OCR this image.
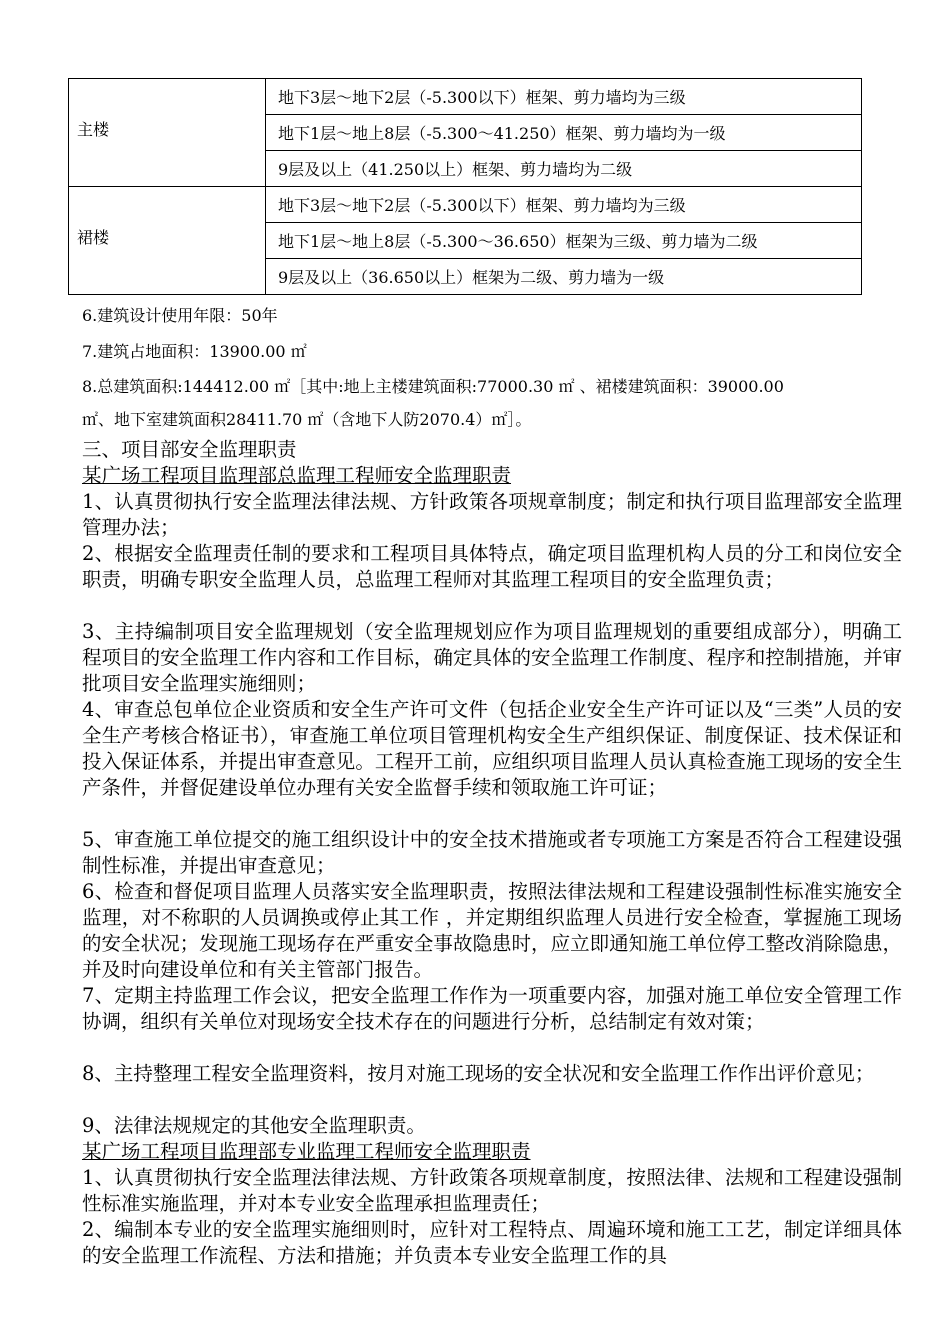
主楼	地下3层～地下2层（-5.300以下）框架、剪力墙均为三级
	地下1层～地上8层（-5.300～41.250）框架、剪力墙均为一级
	9层及以上（41.250以上）框架、剪力墙均为二级
裙楼	地下3层～地下2层（-5.300以下）框架、剪力墙均为三级
	地下1层～地上8层（-5.300～36.650）框架为三级、剪力墙为二级
	9层及以上（36.650以上）框架为二级、剪力墙为一级
6.建筑设计使用年限：50年
7.建筑占地面积：13900.00 ㎡
8.总建筑面积:144412.00 ㎡［其中:地上主楼建筑面积:77000.30 ㎡ 、裙楼建筑面积：39000.00
㎡、地下室建筑面积28411.70 ㎡（含地下人防2070.4）㎡］。
三、项目部安全监理职责
某广场工程项目监理部总监理工程师安全监理职责
1、认真贯彻执行安全监理法律法规、方针政策各项规章制度；制定和执行项目监理部安全监理管理办法；
2、根据安全监理责任制的要求和工程项目具体特点，确定项目监理机构人员的分工和岗位安全职责，明确专职安全监理人员，总监理工程师对其监理工程项目的安全监理负责；
3、主持编制项目安全监理规划（安全监理规划应作为项目监理规划的重要组成部分），明确工程项目的安全监理工作内容和工作目标，确定具体的安全监理工作制度、程序和控制措施，并审批项目安全监理实施细则；
4、审查总包单位企业资质和安全生产许可文件（包括企业安全生产许可证以及“三类”人员的安全生产考核合格证书），审查施工单位项目管理机构安全生产组织保证、制度保证、技术保证和投入保证体系，并提出审查意见。工程开工前，应组织项目监理人员认真检查施工现场的安全生产条件，并督促建设单位办理有关安全监督手续和领取施工许可证；
5、审查施工单位提交的施工组织设计中的安全技术措施或者专项施工方案是否符合工程建设强制性标准，并提出审查意见；
6、检查和督促项目监理人员落实安全监理职责，按照法律法规和工程建设强制性标准实施安全监理，对不称职的人员调换或停止其工作 ，并定期组织监理人员进行安全检查，掌握施工现场的安全状况；发现施工现场存在严重安全事故隐患时，应立即通知施工单位停工整改消除隐患，并及时向建设单位和有关主管部门报告。
7、定期主持监理工作会议，把安全监理工作作为一项重要内容，加强对施工单位安全管理工作协调，组织有关单位对现场安全技术存在的问题进行分析，总结制定有效对策；
8、主持整理工程安全监理资料，按月对施工现场的安全状况和安全监理工作作出评价意见；
9、法律法规规定的其他安全监理职责。
某广场工程项目监理部专业监理工程师安全监理职责
1、认真贯彻执行安全监理法律法规、方针政策各项规章制度，按照法律、法规和工程建设强制性标准实施监理，并对本专业安全监理承担监理责任；
2、编制本专业的安全监理实施细则时，应针对工程特点、周遍环境和施工工艺，制定详细具体的安全监理工作流程、方法和措施；并负责本专业安全监理工作的具
